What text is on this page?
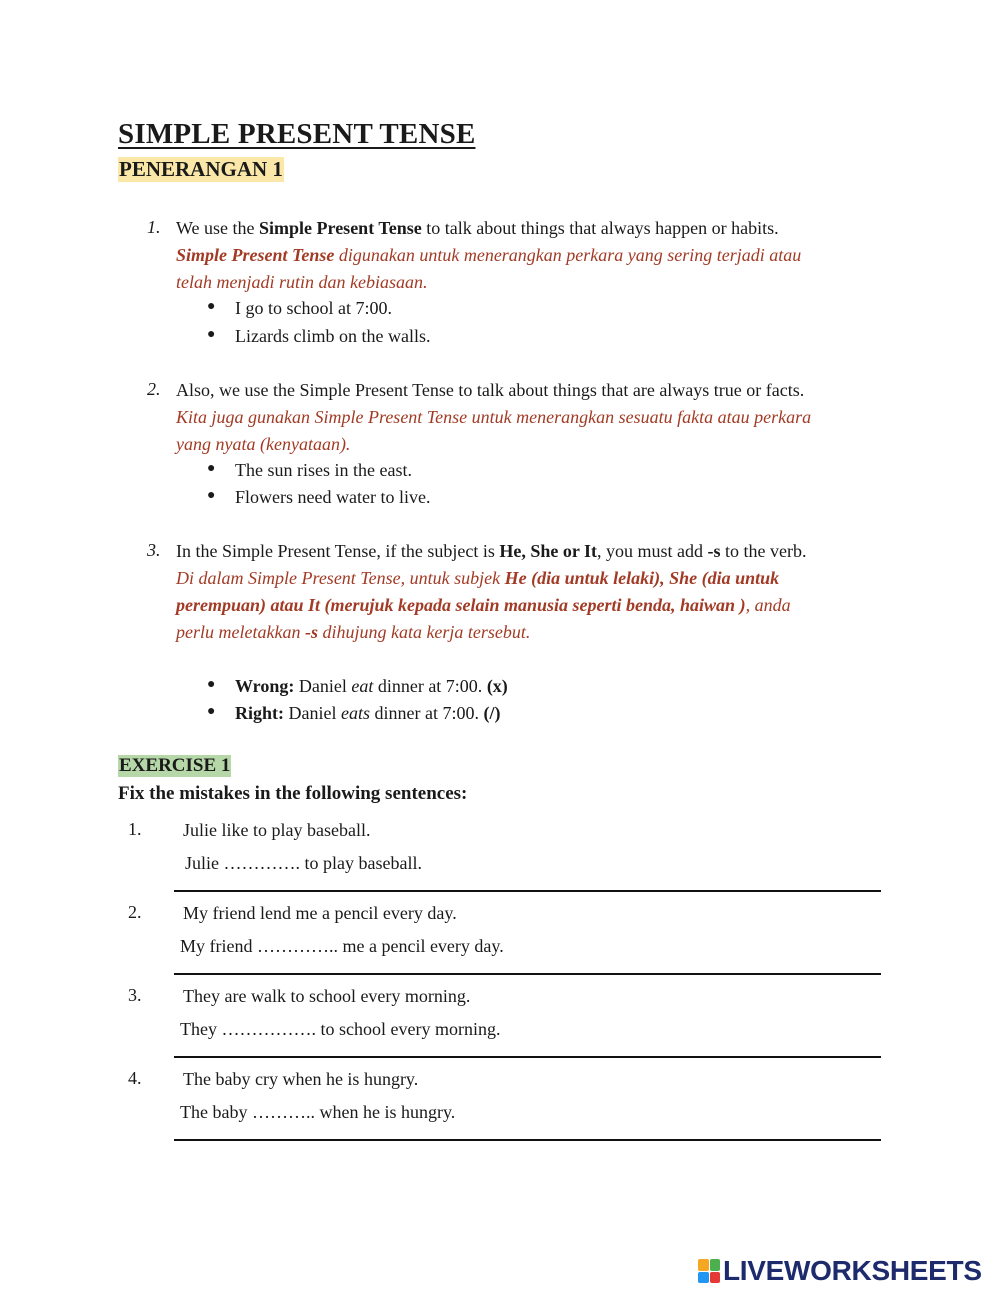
SIMPLE PRESENT TENSE
PENERANGAN 1
1. We use the Simple Present Tense to talk about things that always happen or habits.
Simple Present Tense digunakan untuk menerangkan perkara yang sering terjadi atau
telah menjadi rutin dan kebiasaan.
● I go to school at 7:00.
● Lizards climb on the walls.
2. Also, we use the Simple Present Tense to talk about things that are always true or facts.
Kita juga gunakan Simple Present Tense untuk menerangkan sesuatu fakta atau perkara
yang nyata (kenyataan).
● The sun rises in the east.
● Flowers need water to live.
3. In the Simple Present Tense, if the subject is He, She or It, you must add -s to the verb.
Di dalam Simple Present Tense, untuk subjek He (dia untuk lelaki), She (dia untuk
perempuan) atau It (merujuk kepada selain manusia seperti benda, haiwan ), anda
perlu meletakkan -s dihujung kata kerja tersebut.
● Wrong: Daniel eat dinner at 7:00. (x)
● Right: Daniel eats dinner at 7:00. (/)
EXERCISE 1
Fix the mistakes in the following sentences:
1. Julie like to play baseball.
Julie …………. to play baseball.
2. My friend lend me a pencil every day.
My friend ………….. me a pencil every day.
3. They are walk to school every morning.
They ……………. to school every morning.
4. The baby cry when he is hungry.
The baby ……….. when he is hungry.
LIVEWORKSHEETS
